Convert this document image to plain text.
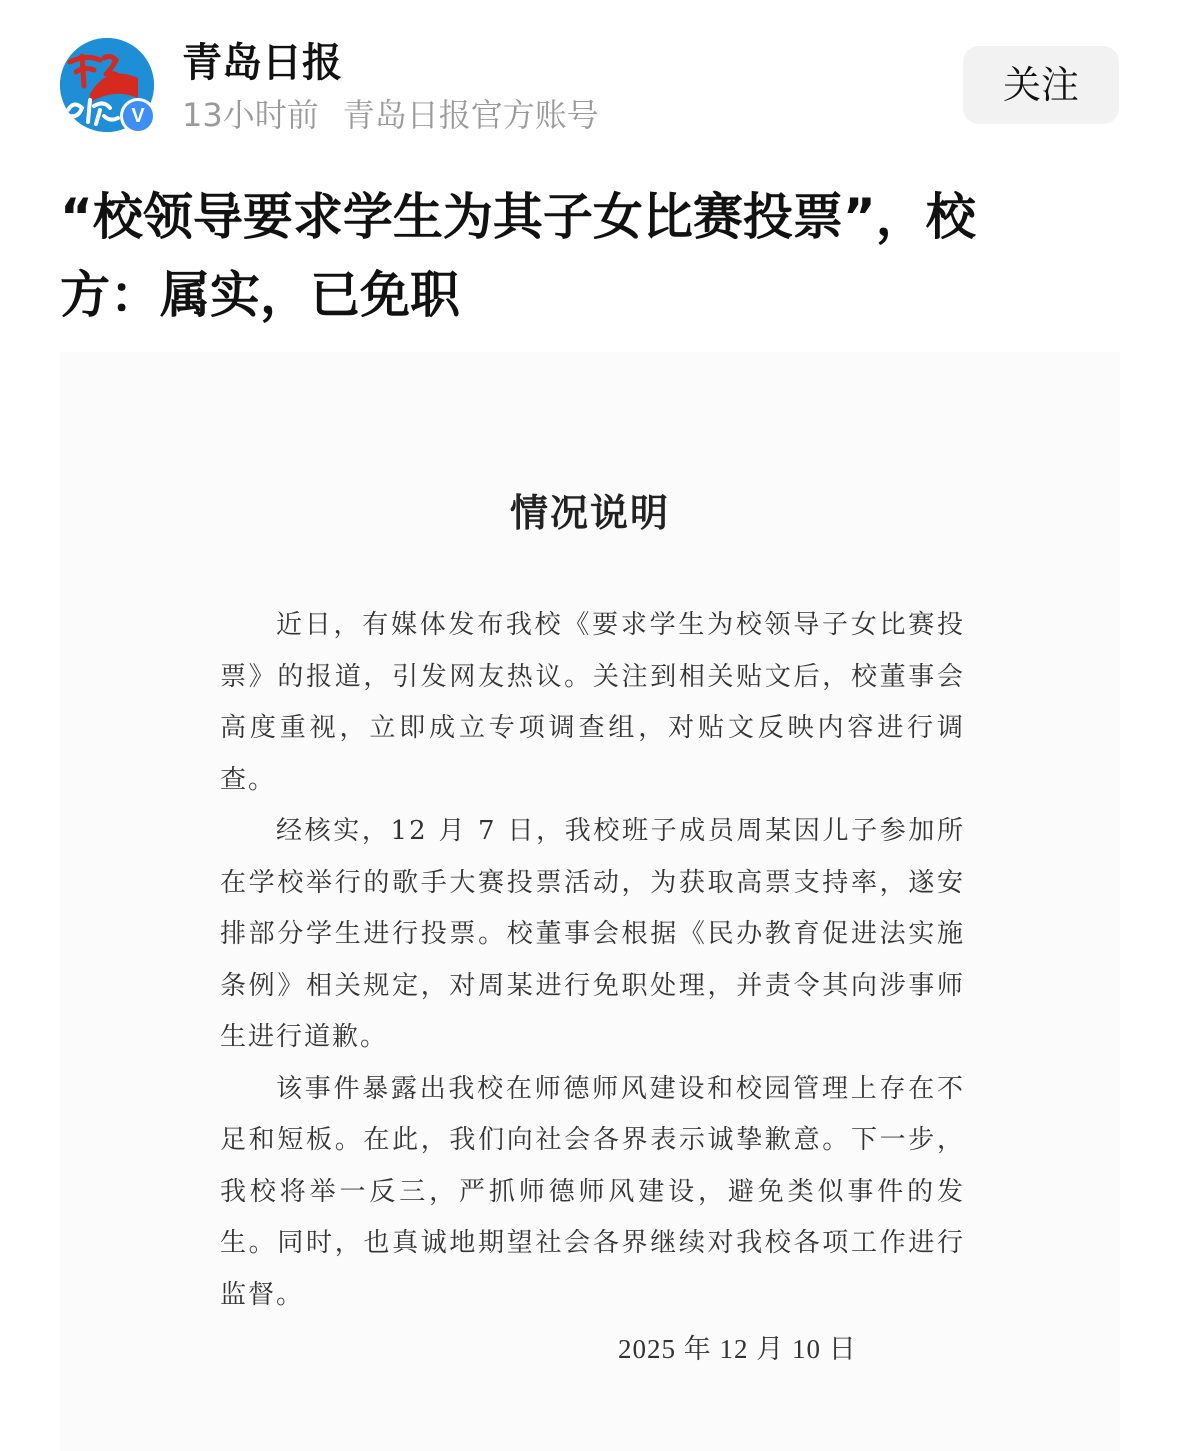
V
青岛日报
13小时前 青岛日报官方账号
关注
“校领导要求学生为其子女比赛投票”，校方：属实，已免职
情况说明

近日，有媒体发布我校《要求学生为校领导子女比赛投票》的报道，引发网友热议。关注到相关贴文后，校董事会高度重视，立即成立专项调查组，对贴文反映内容进行调查。

经核实，12 月 7 日，我校班子成员周某因儿子参加所在学校举行的歌手大赛投票活动，为获取高票支持率，遂安排部分学生进行投票。校董事会根据《民办教育促进法实施条例》相关规定，对周某进行免职处理，并责令其向涉事师生进行道歉。

该事件暴露出我校在师德师风建设和校园管理上存在不足和短板。在此，我们向社会各界表示诚挚歉意。下一步，我校将举一反三，严抓师德师风建设，避免类似事件的发生。同时，也真诚地期望社会各界继续对我校各项工作进行监督。

2025 年 12 月 10 日
